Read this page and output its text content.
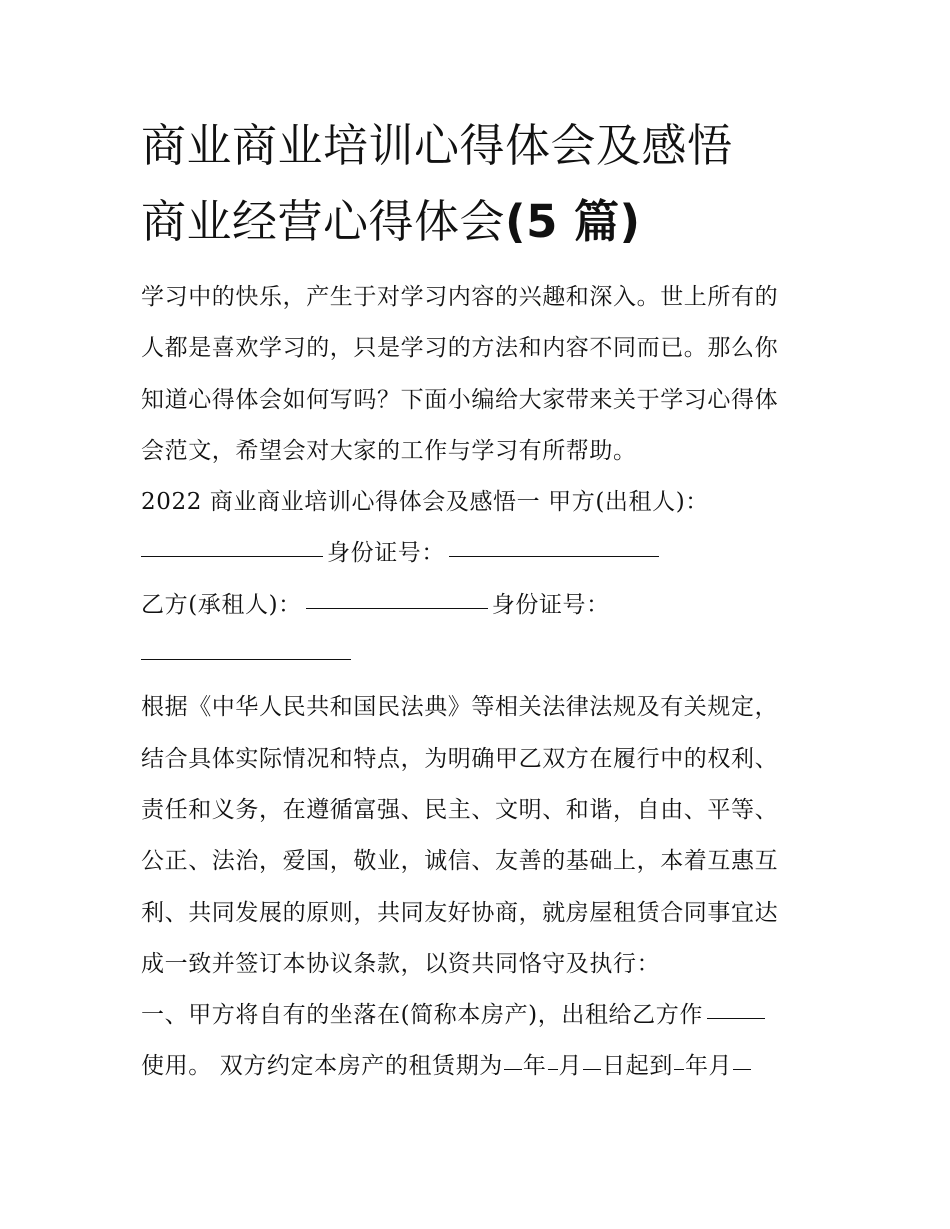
商业商业培训心得体会及感悟
商业经营心得体会(5 篇)
学习中的快乐，产生于对学习内容的兴趣和深入。世上所有的
人都是喜欢学习的，只是学习的方法和内容不同而已。那么你
知道心得体会如何写吗？下面小编给大家带来关于学习心得体
会范文，希望会对大家的工作与学习有所帮助。
2022 商业商业培训心得体会及感悟一 甲方(出租人)：
身份证号：
乙方(承租人)：	身份证号：
根据《中华人民共和国民法典》等相关法律法规及有关规定，
结合具体实际情况和特点，为明确甲乙双方在履行中的权利、
责任和义务，在遵循富强、民主、文明、和谐，自由、平等、
公正、法治，爱国，敬业，诚信、友善的基础上，本着互惠互
利、共同发展的原则，共同友好协商，就房屋租赁合同事宜达
成一致并签订本协议条款，以资共同恪守及执行：
一、甲方将自有的坐落在(简称本房产)，出租给乙方作
使用。 双方约定本房产的租赁期为 年 月 日起到 年月
